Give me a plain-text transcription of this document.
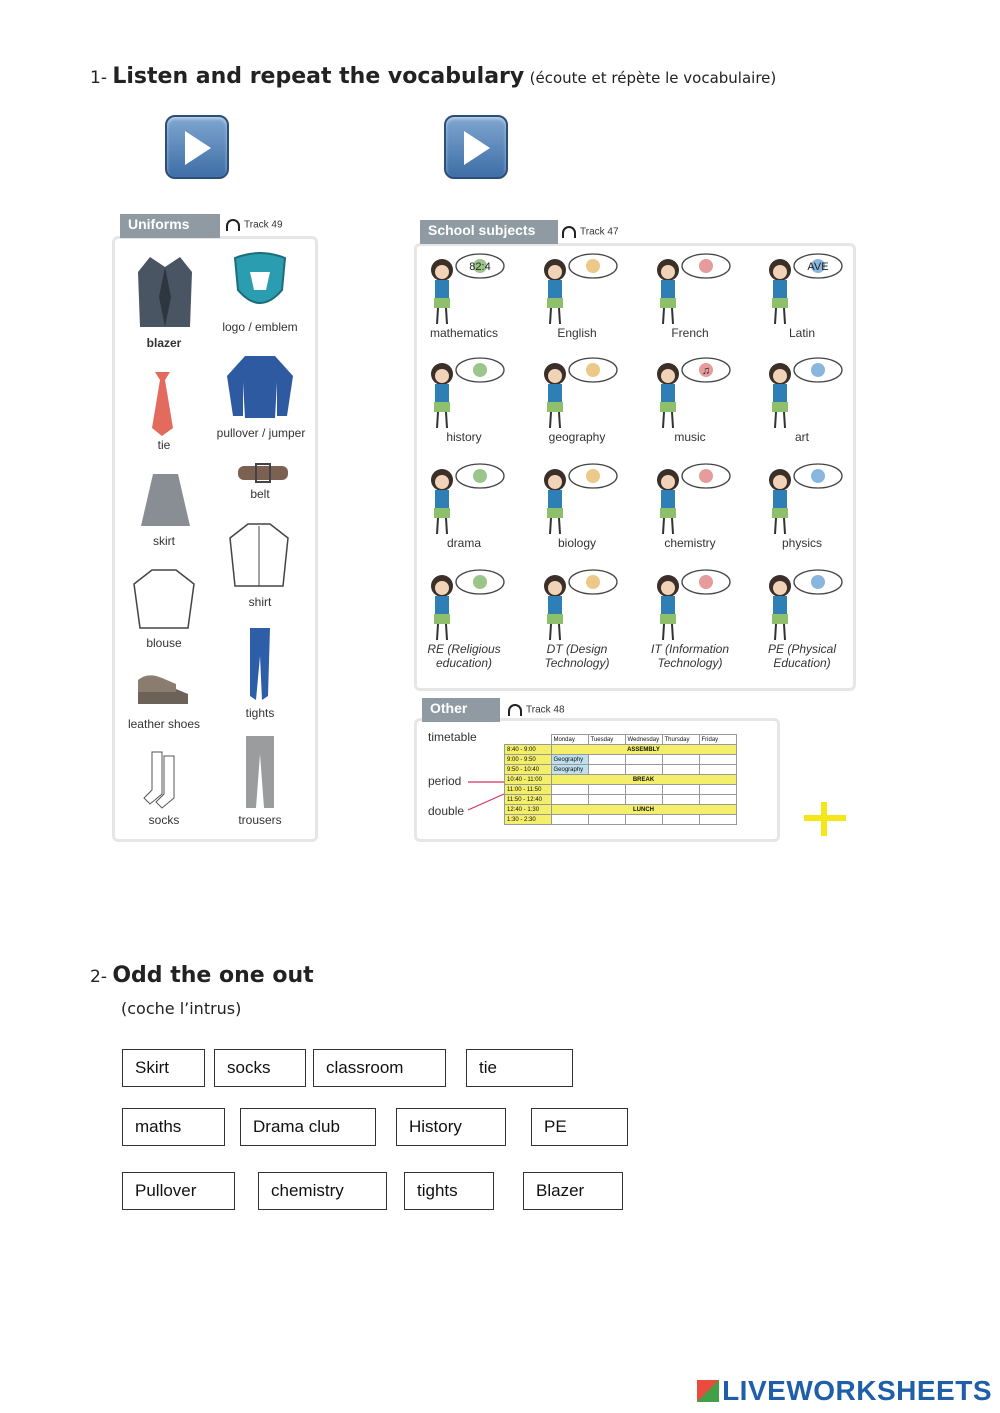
1- Listen and repeat the vocabulary (écoute et répète le vocabulaire)
Uniforms	Track 49
blazer
logo / emblem
tie
pullover / jumper
belt
skirt
shirt
blouse
tights
leather shoes
socks	trousers
School subjects	Track 47
82:4
mathematics	English	French
AVE
Latin
history	geography
♫
music	art
drama	biology	chemistry	physics
RE (Religious
education)
DT (Design
Technology)
IT (Information
Technology)
PE (Physical
Education)
Other	Track 48
timetable
period
double
	Monday	Tuesday	Wednesday	Thursday	Friday
8:40 - 9:00	ASSEMBLY				
9:00 - 9:50	Geography				
9:50 - 10:40	Geography				
10:40 - 11:00	BREAK				
11:00 - 11:50					
11:50 - 12:40					
12:40 - 1:30	LUNCH				
1:30 - 2:30					
2- Odd the one out
(coche l’intrus)
Skirt	socks	classroom	tie
maths	Drama club	History	PE
Pullover	chemistry	tights	Blazer
LIVEWORKSHEETS
